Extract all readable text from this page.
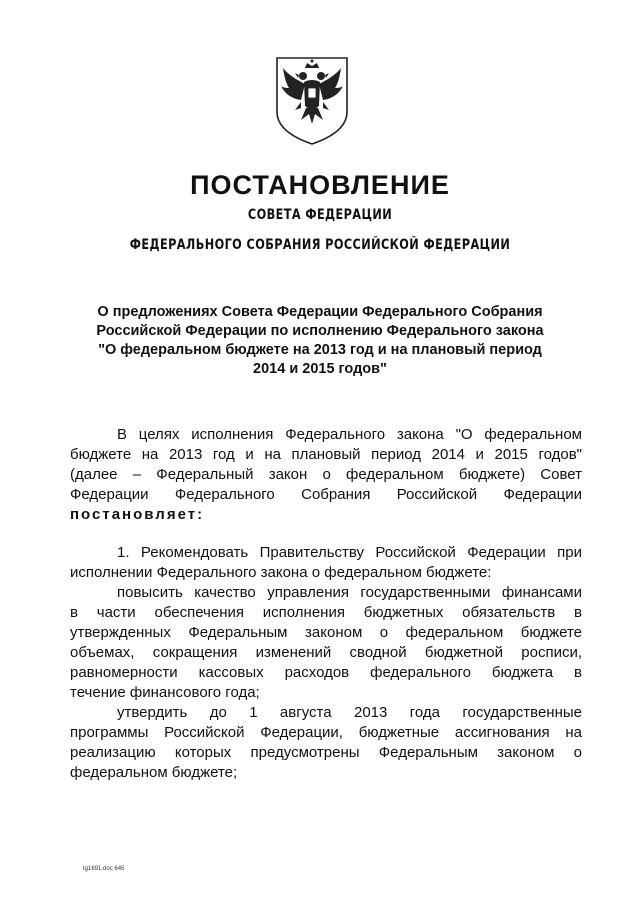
ПОСТАНОВЛЕНИЕ
СОВЕТА ФЕДЕРАЦИИ
ФЕДЕРАЛЬНОГО СОБРАНИЯ РОССИЙСКОЙ ФЕДЕРАЦИИ
О предложениях Совета Федерации Федерального Собрания
Российской Федерации по исполнению Федерального закона
"О федеральном бюджете на 2013 год и на плановый период
2014 и 2015 годов"
В целях исполнения Федерального закона "О федеральном
бюджете на 2013 год и на плановый период 2014 и 2015 годов"
(далее – Федеральный закон о федеральном бюджете) Совет
Федерации Федерального Собрания Российской Федерации
постановляет:
1. Рекомендовать Правительству Российской Федерации при
исполнении Федерального закона о федеральном бюджете:
повысить качество управления государственными финансами
в части обеспечения исполнения бюджетных обязательств в
утвержденных Федеральным законом о федеральном бюджете
объемах, сокращения изменений сводной бюджетной росписи,
равномерности кассовых расходов федерального бюджета в
течение финансового года;
утвердить до 1 августа 2013 года государственные
программы Российской Федерации, бюджетные ассигнования на
реализацию которых предусмотрены Федеральным законом о
федеральном бюджете;
tg1691.doc 645
